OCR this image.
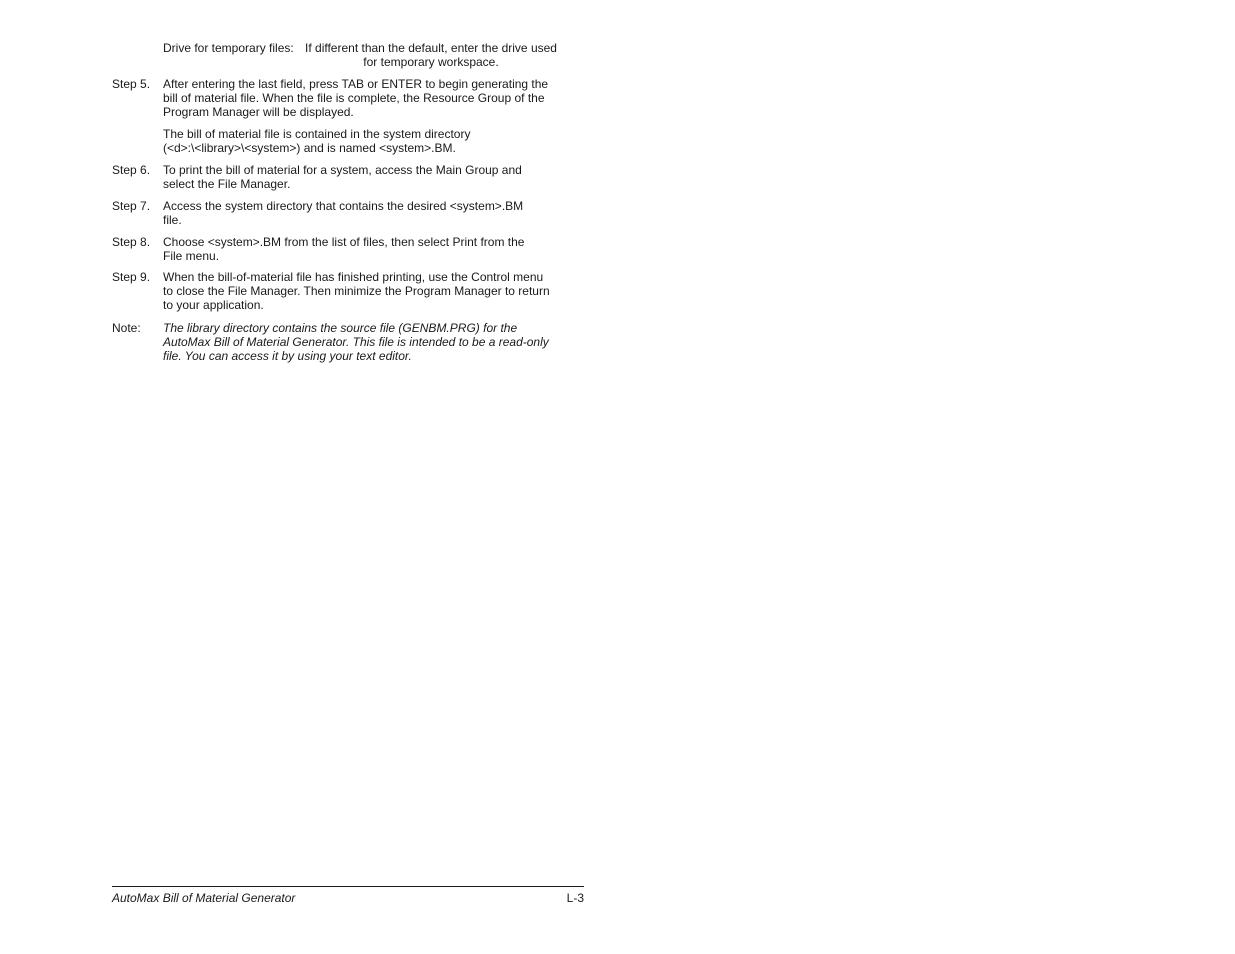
Drive for temporary files: If different than the default, enter the drive used
for temporary workspace.
Step 5. After entering the last field, press TAB or ENTER to begin generating the
bill of material file. When the file is complete, the Resource Group of the
Program Manager will be displayed.
The bill of material file is contained in the system directory
(<d>:\<library>\<system>) and is named <system>.BM.
Step 6. To print the bill of material for a system, access the Main Group and
select the File Manager.
Step 7. Access the system directory that contains the desired <system>.BM
file.
Step 8. Choose <system>.BM from the list of files, then select Print from the
File menu.
Step 9. When the bill-of-material file has finished printing, use the Control menu
to close the File Manager. Then minimize the Program Manager to return
to your application.
Note: The library directory contains the source file (GENBM.PRG) for the
AutoMax Bill of Material Generator. This file is intended to be a read-only
file. You can access it by using your text editor.
AutoMax Bill of Material Generator	L-3
